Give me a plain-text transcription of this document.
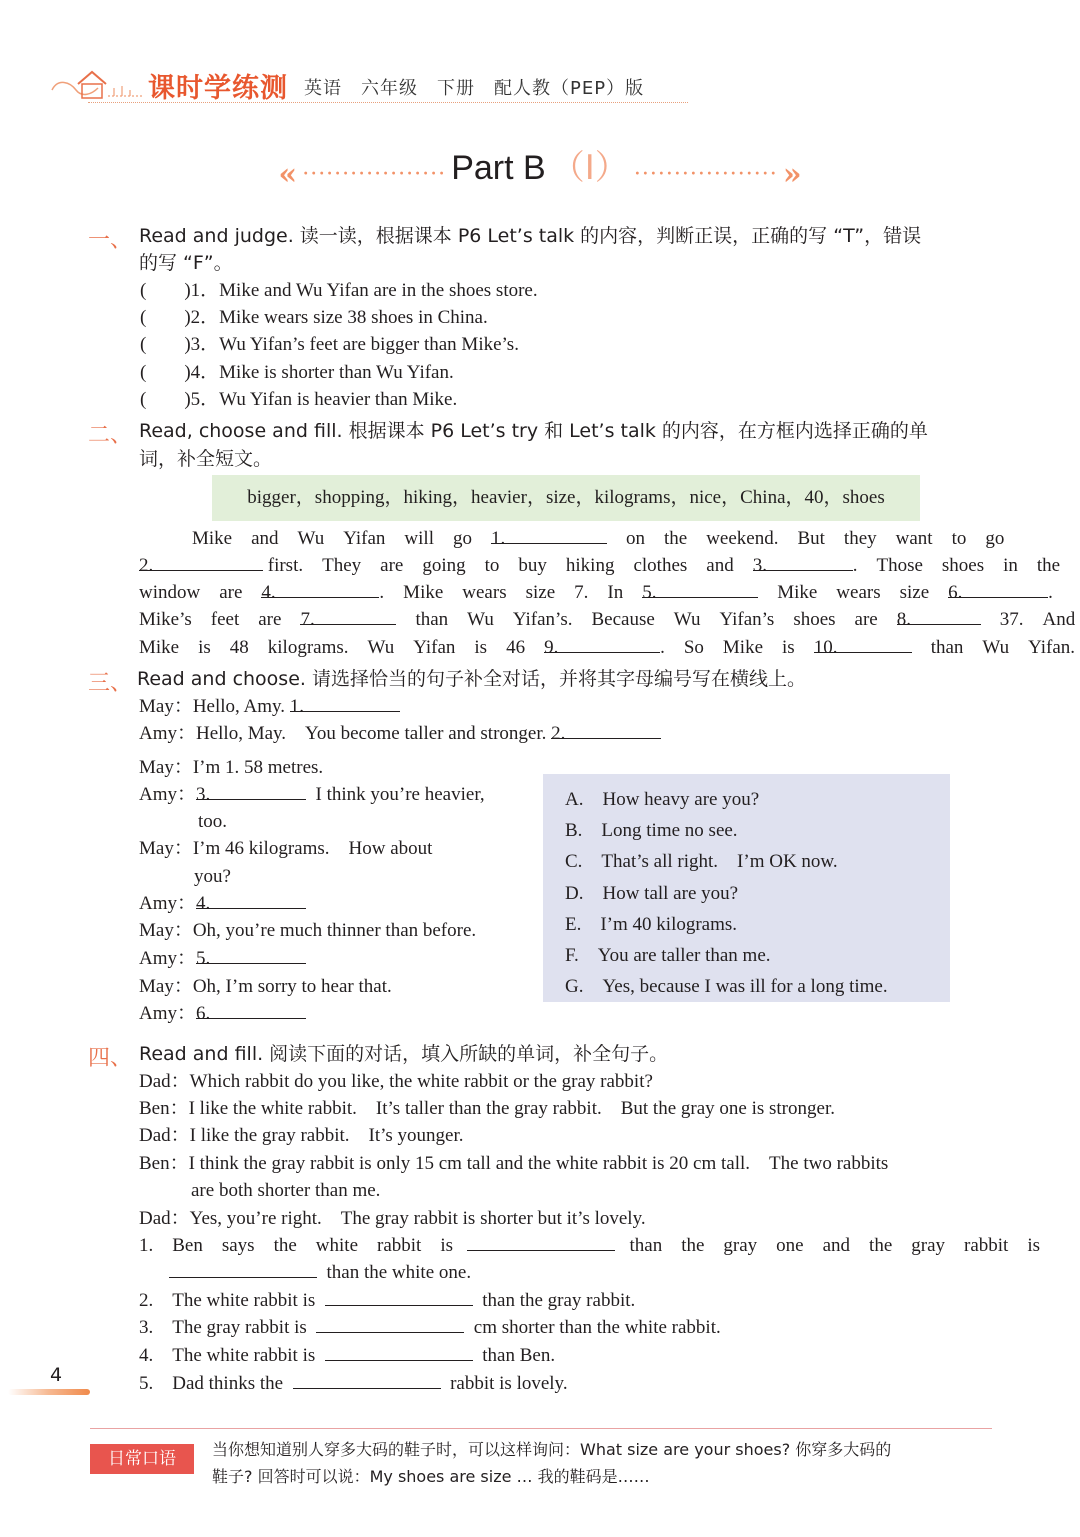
课时学练测 英语　六年级　下册　配人教（PEP）版
« ·················· Part B （Ⅰ） ·················· »
一、 Read and judge. 读一读，根据课本 P6 Let’s talk 的内容，判断正误，正确的写 “T”，错误
的写 “F”。
(　　)1．Mike and Wu Yifan are in the shoes store.
(　　)2．Mike wears size 38 shoes in China.
(　　)3．Wu Yifan’s feet are bigger than Mike’s.
(　　)4．Mike is shorter than Wu Yifan.
(　　)5．Wu Yifan is heavier than Mike.
二、 Read, choose and fill. 根据课本 P6 Let’s try 和 Let’s talk 的内容，在方框内选择正确的单
词，补全短文。
bigger，shopping，hiking，heavier，size，kilograms，nice，China，40，shoes
Mike　and　Wu　Yifan　will　go　1.	　on　the　weekend.　But　they　want　to　go
2.	first.　They　are　going　to　buy　hiking　clothes　and　3.	.　Those　shoes　in　the
window　are　4.	.　Mike　wears　size　7.　In　5.	　Mike　wears　size　6.	.
Mike’s　feet　are　7.	　than　Wu　Yifan’s.　Because　Wu　Yifan’s　shoes　are　8.	　37.　And
Mike　is　48　kilograms.　Wu　Yifan　is　46　9.	.　So　Mike　is　10.	　than　Wu　Yifan.
三、 Read and choose. 请选择恰当的句子补全对话，并将其字母编号写在横线上。
May：Hello, Amy. 1.
Amy：Hello, May.　You become taller and stronger. 2.
May：I’m 1. 58 metres.
Amy：3.	I think you’re heavier,
too.
May：I’m 46 kilograms.　How about
you?
Amy：4.
May：Oh, you’re much thinner than before.
Amy：5.
May：Oh, I’m sorry to hear that.
Amy：6.
A.　How heavy are you?
B.　Long time no see.
C.　That’s all right.　I’m OK now.
D.　How tall are you?
E.　I’m 40 kilograms.
F.　You are taller than me.
G.　Yes, because I was ill for a long time.
四、 Read and fill. 阅读下面的对话，填入所缺的单词，补全句子。
Dad：Which rabbit do you like, the white rabbit or the gray rabbit?
Ben：I like the white rabbit.　It’s taller than the gray rabbit.　But the gray one is stronger.
Dad：I like the gray rabbit.　It’s younger.
Ben：I think the gray rabbit is only 15 cm tall and the white rabbit is 20 cm tall.　The two rabbits
are both shorter than me.
Dad：Yes, you’re right.　The gray rabbit is shorter but it’s lovely.
1.　Ben　says　the　white　rabbit　is	than　the　gray　one　and　the　gray　rabbit　is
than the white one.
2.　The white rabbit is	than the gray rabbit.
3.　The gray rabbit is	cm shorter than the white rabbit.
4.　The white rabbit is	than Ben.
5.　Dad thinks the	rabbit is lovely.
4
日常口语	当你想知道别人穿多大码的鞋子时，可以这样询问：What size are your shoes? 你穿多大码的
鞋子? 回答时可以说：My shoes are size … 我的鞋码是……
